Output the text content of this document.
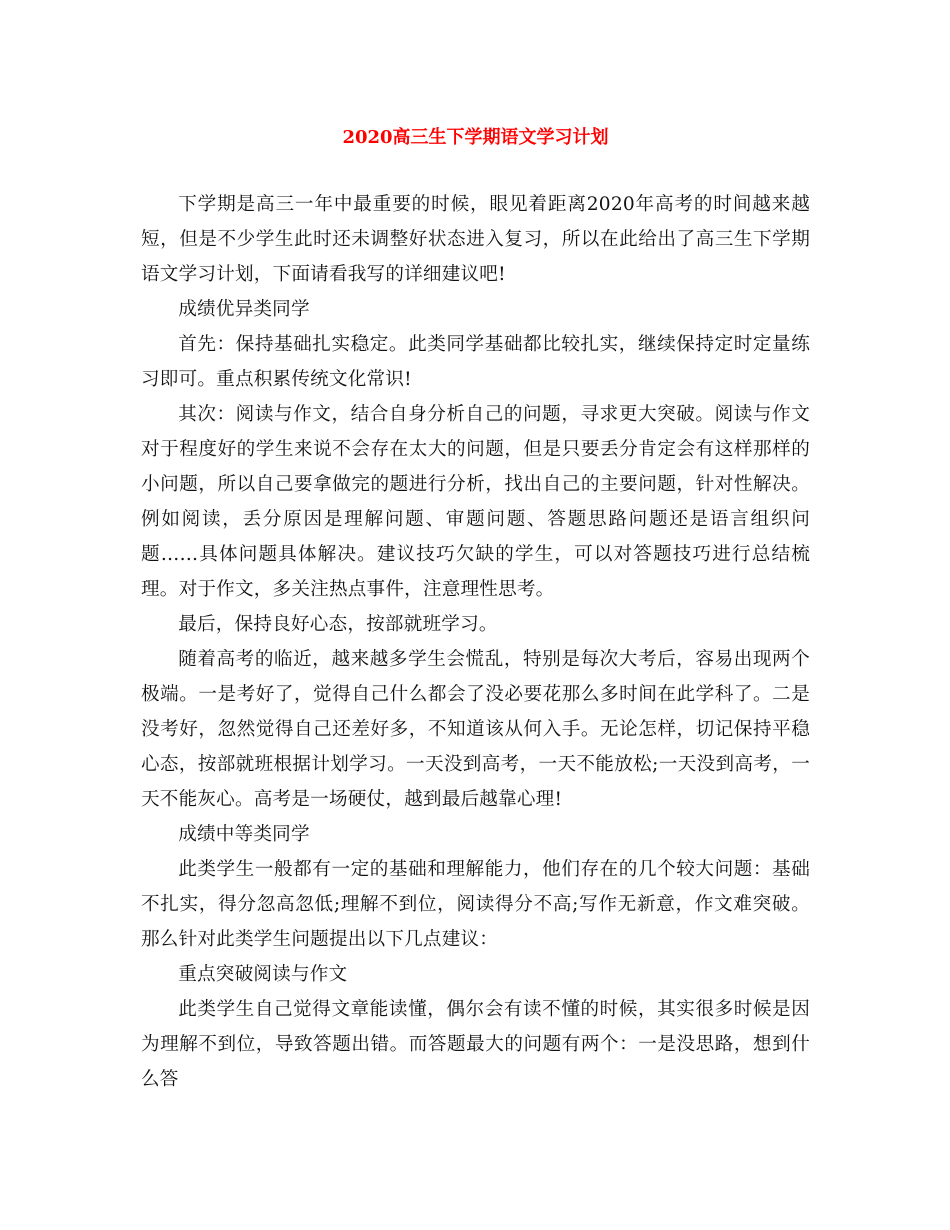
2020高三生下学期语文学习计划

下学期是高三一年中最重要的时候，眼见着距离2020年高考的时间越来越短，但是不少学生此时还未调整好状态进入复习，所以在此给出了高三生下学期语文学习计划，下面请看我写的详细建议吧!

成绩优异类同学

首先：保持基础扎实稳定。此类同学基础都比较扎实，继续保持定时定量练习即可。重点积累传统文化常识!

其次：阅读与作文，结合自身分析自己的问题，寻求更大突破。阅读与作文对于程度好的学生来说不会存在太大的问题，但是只要丢分肯定会有这样那样的小问题，所以自己要拿做完的题进行分析，找出自己的主要问题，针对性解决。例如阅读，丢分原因是理解问题、审题问题、答题思路问题还是语言组织问题……具体问题具体解决。建议技巧欠缺的学生，可以对答题技巧进行总结梳理。对于作文，多关注热点事件，注意理性思考。

最后，保持良好心态，按部就班学习。

随着高考的临近，越来越多学生会慌乱，特别是每次大考后，容易出现两个极端。一是考好了，觉得自己什么都会了没必要花那么多时间在此学科了。二是没考好，忽然觉得自己还差好多，不知道该从何入手。无论怎样，切记保持平稳心态，按部就班根据计划学习。一天没到高考，一天不能放松;一天没到高考，一天不能灰心。高考是一场硬仗，越到最后越靠心理!

成绩中等类同学

此类学生一般都有一定的基础和理解能力，他们存在的几个较大问题：基础不扎实，得分忽高忽低;理解不到位，阅读得分不高;写作无新意，作文难突破。那么针对此类学生问题提出以下几点建议：

重点突破阅读与作文

此类学生自己觉得文章能读懂，偶尔会有读不懂的时候，其实很多时候是因为理解不到位，导致答题出错。而答题最大的问题有两个：一是没思路，想到什么答
